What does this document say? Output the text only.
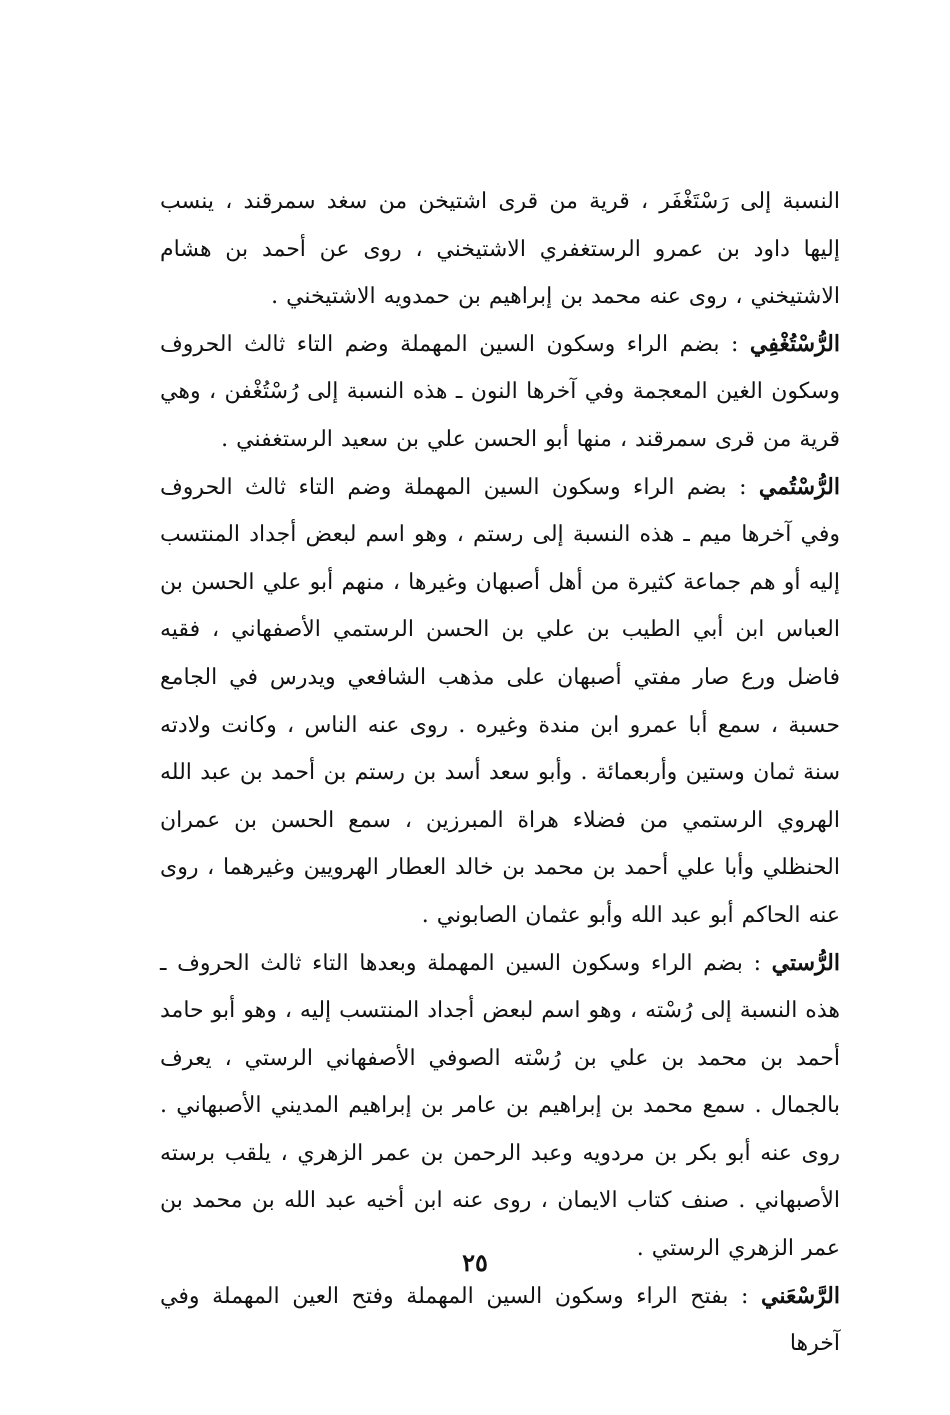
النسبة إلى رَسْتَغْفَر ، قرية من قرى اشتيخن من سغد سمرقند ، ينسب إليها داود بن عمرو الرستغفري الاشتيخني ، روى عن أحمد بن هشام الاشتيخني ، روى عنه محمد بن إبراهيم بن حمدويه الاشتيخني .

الرُّسْتُغْفِي : بضم الراء وسكون السين المهملة وضم التاء ثالث الحروف وسكون الغين المعجمة وفي آخرها النون ـ هذه النسبة إلى رُسْتُغْفن ، وهي قرية من قرى سمرقند ، منها أبو الحسن علي بن سعيد الرستغفني .

الرُّسْتُمي : بضم الراء وسكون السين المهملة وضم التاء ثالث الحروف وفي آخرها ميم ـ هذه النسبة إلى رستم ، وهو اسم لبعض أجداد المنتسب إليه أو هم جماعة كثيرة من أهل أصبهان وغيرها ، منهم أبو علي الحسن بن العباس ابن أبي الطيب بن علي بن الحسن الرستمي الأصفهاني ، فقيه فاضل ورع صار مفتي أصبهان على مذهب الشافعي ويدرس في الجامع حسبة ، سمع أبا عمرو ابن مندة وغيره . روى عنه الناس ، وكانت ولادته سنة ثمان وستين وأربعمائة . وأبو سعد أسد بن رستم بن أحمد بن عبد الله الهروي الرستمي من فضلاء هراة المبرزين ، سمع الحسن بن عمران الحنظلي وأبا علي أحمد بن محمد بن خالد العطار الهرويين وغيرهما ، روى عنه الحاكم أبو عبد الله وأبو عثمان الصابوني .

الرُّستي : بضم الراء وسكون السين المهملة وبعدها التاء ثالث الحروف ـ هذه النسبة إلى رُسْته ، وهو اسم لبعض أجداد المنتسب إليه ، وهو أبو حامد أحمد بن محمد بن علي بن رُسْته الصوفي الأصفهاني الرستي ، يعرف بالجمال . سمع محمد بن إبراهيم بن عامر بن إبراهيم المديني الأصبهاني . روى عنه أبو بكر بن مردويه وعبد الرحمن بن عمر الزهري ، يلقب برسته الأصبهاني . صنف كتاب الايمان ، روى عنه ابن أخيه عبد الله بن محمد بن عمر الزهري الرستي .

الرَّسْعَني : بفتح الراء وسكون السين المهملة وفتح العين المهملة وفي آخرها

٢٥
